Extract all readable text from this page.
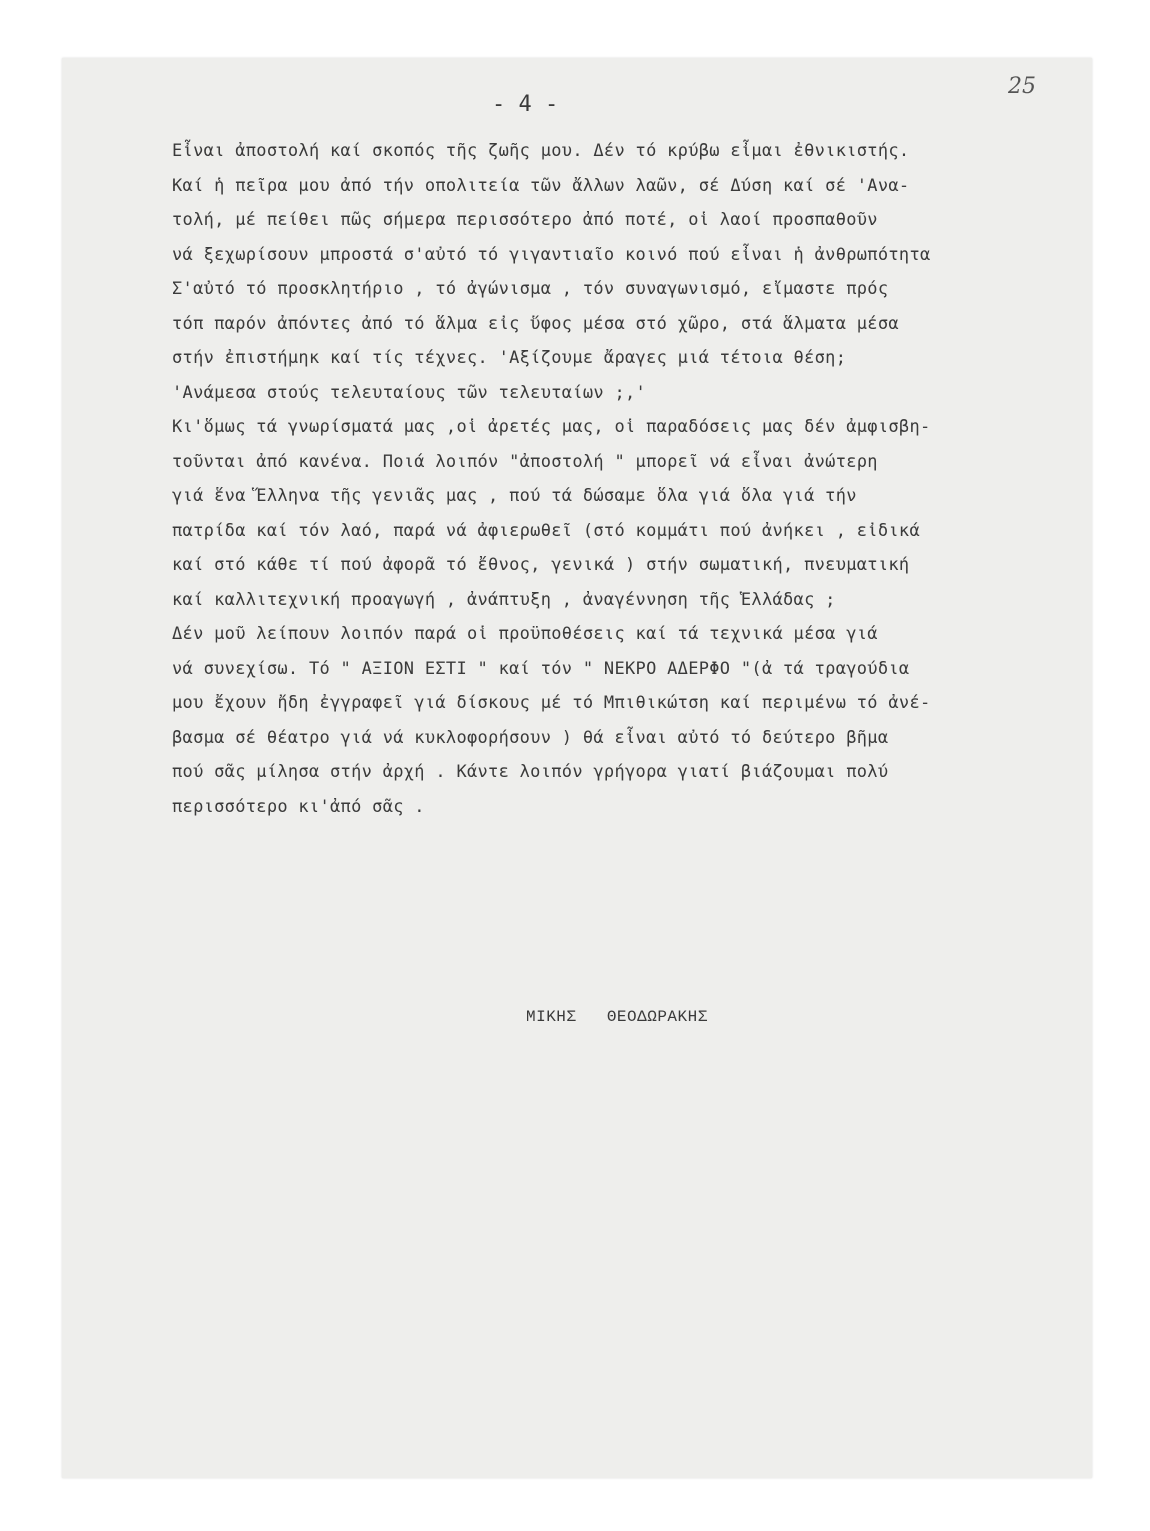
- 4 -
25
Εἶναι ἀποστολή καί σκοπός τῆς ζωῆς μου. Δέν τό κρύβω εἶμαι ἐθνικιστής.
Καί ἡ πεῖρα μου ἀπό τήν οπολιτεία τῶν ἄλλων λαῶν, σέ Δύση καί σέ 'Ανα-
τολή, μέ πείθει πῶς σήμερα περισσότερο ἀπό ποτέ, οἱ λαοί προσπαθοῦν
νά ξεχωρίσουν μπροστά σ'αὐτό τό γιγαντιαῖο κοινό πού εἶναι ἡ ἀνθρωπότητα
Σ'αὐτό τό προσκλητήριο , τό ἀγώνισμα , τόν συναγωνισμό, εἴμαστε πρός
τόπ παρόν ἀπόντες ἀπό τό ἅλμα εἰς ὕφος μέσα στό χῶρο, στά ἅλματα μέσα
στήν ἐπιστήμηκ καί τίς τέχνες. 'Αξίζουμε ἄραγες μιά τέτοια θέση;
'Ανάμεσα στούς τελευταίους τῶν τελευταίων ;,'
Κι'ὅμως τά γνωρίσματά μας ,οἱ ἀρετές μας, οἱ παραδόσεις μας δέν ἀμφισβη-
τοῦνται ἀπό κανένα. Ποιά λοιπόν "ἀποστολή " μπορεῖ νά εἶναι ἀνώτερη
γιά ἕνα Ἕλληνα τῆς γενιᾶς μας , πού τά δώσαμε ὅλα γιά ὅλα γιά τήν
πατρίδα καί τόν λαό, παρά νά ἀφιερωθεῖ (στό κομμάτι πού ἀνήκει , εἰδικά
καί στό κάθε τί πού ἀφορᾶ τό ἔθνος, γενικά ) στήν σωματική, πνευματική
καί καλλιτεχνική προαγωγή , ἀνάπτυξη , ἀναγέννηση τῆς Ἑλλάδας ;
Δέν μοῦ λείπουν λοιπόν παρά οἱ προϋποθέσεις καί τά τεχνικά μέσα γιά
νά συνεχίσω. Τό " ΑΞΙΟΝ ΕΣΤΙ " καί τόν " ΝΕΚΡΟ ΑΔΕΡΦΟ "(ἀ τά τραγούδια
μου ἔχουν ἤδη ἐγγραφεῖ γιά δίσκους μέ τό Μπιθικώτση καί περιμένω τό ἀνέ-
βασμα σέ θέατρο γιά νά κυκλοφορήσουν ) θά εἶναι αὐτό τό δεύτερο βῆμα
πού σᾶς μίλησα στήν ἀρχή . Κάντε λοιπόν γρήγορα γιατί βιάζουμαι πολύ
περισσότερο κι'ἀπό σᾶς .
ΜΙΚΗΣ   ΘΕΟΔΩΡΑΚΗΣ
